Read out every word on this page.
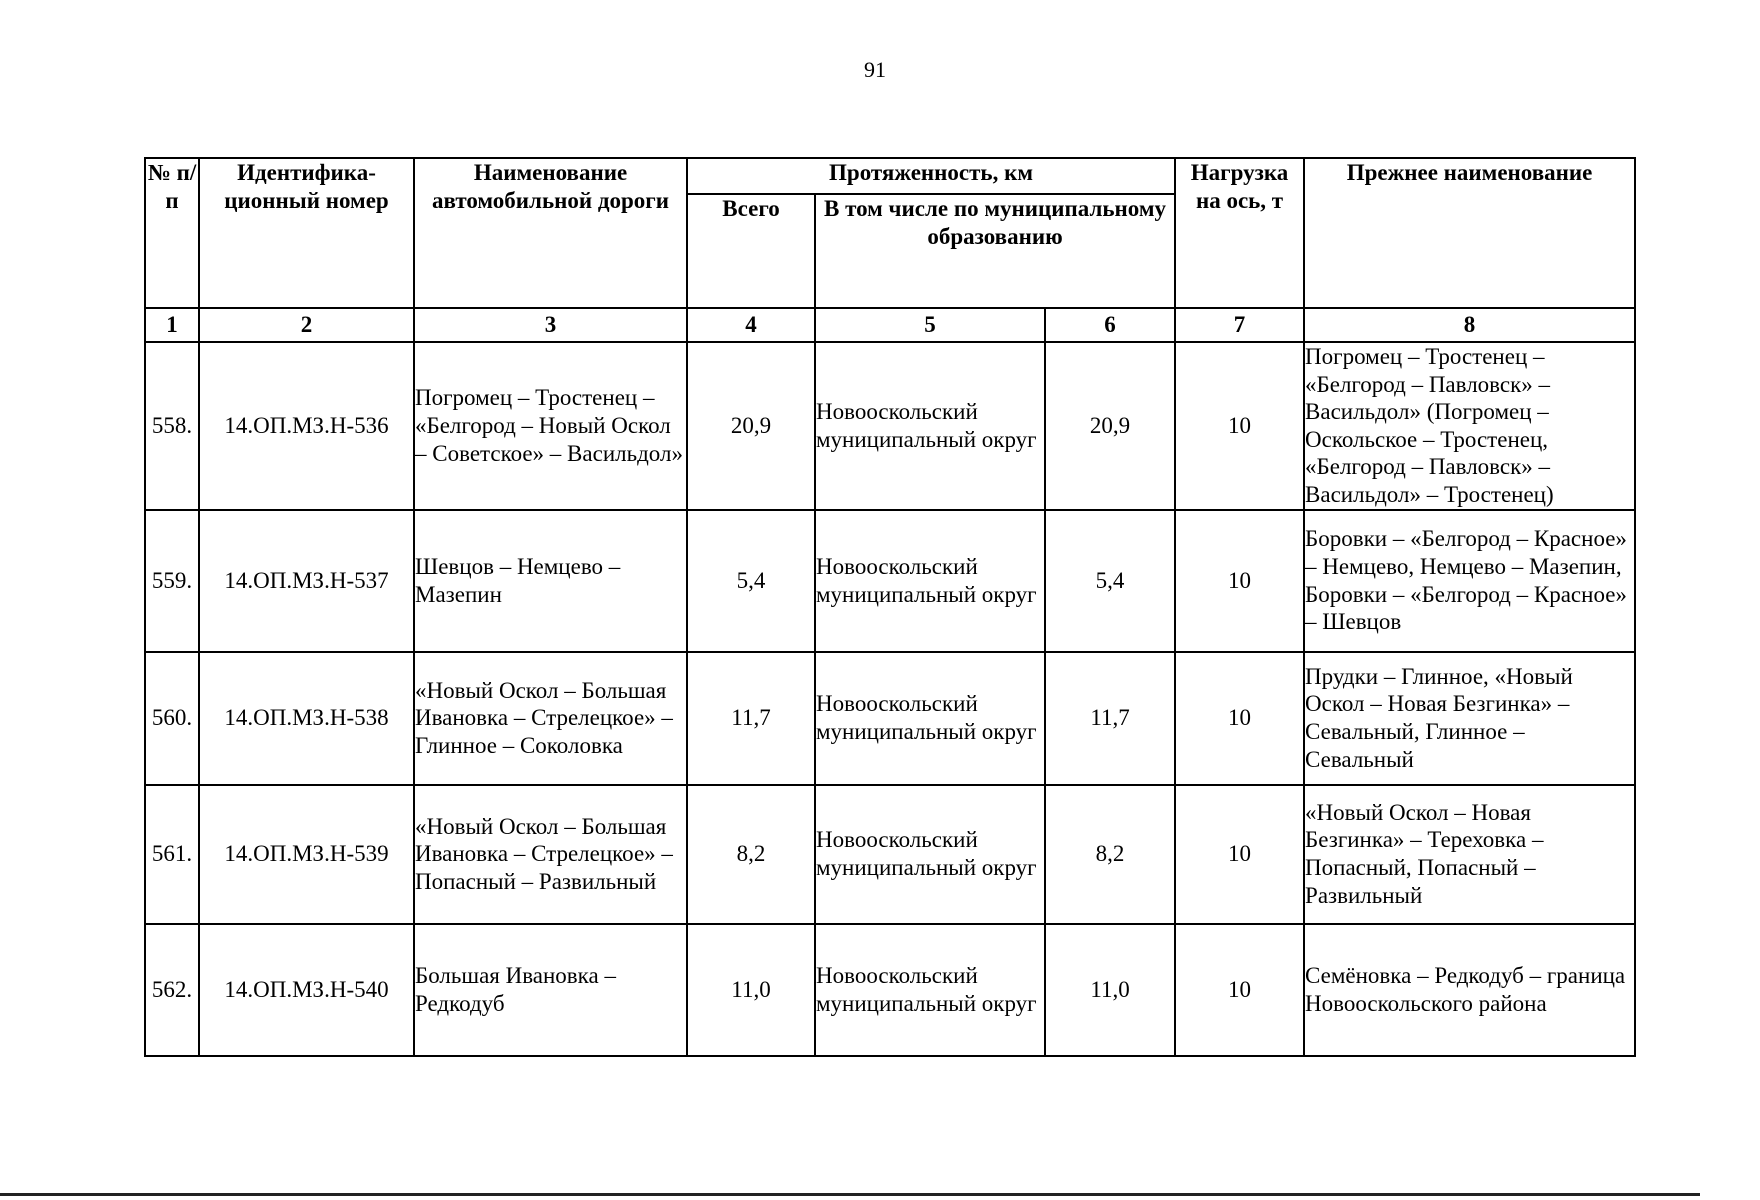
91
№ п/п	Идентифика-ционный номер	Наименование автомобильной дороги	Протяженность, км			Нагрузка на ось, т	Прежнее наименование
			Всего	В том числе по муниципальному образованию			
1	2	3	4	5	6	7	8
558.	14.ОП.МЗ.Н-536	Погромец – Тростенец – «Белгород – Новый Оскол – Советское» – Васильдол»	20,9	Новооскольский муниципальный округ	20,9	10	Погромец – Тростенец – «Белгород – Павловск» – Васильдол» (Погромец – Оскольское – Тростенец, «Белгород – Павловск» – Васильдол» – Тростенец)
559.	14.ОП.МЗ.Н-537	Шевцов – Немцево – Мазепин	5,4	Новооскольский муниципальный округ	5,4	10	Боровки – «Белгород – Красное» – Немцево, Немцево – Мазепин, Боровки – «Белгород – Красное» – Шевцов
560.	14.ОП.МЗ.Н-538	«Новый Оскол – Большая Ивановка – Стрелецкое» – Глинное – Соколовка	11,7	Новооскольский муниципальный округ	11,7	10	Прудки – Глинное, «Новый Оскол – Новая Безгинка» – Севальный, Глинное – Севальный
561.	14.ОП.МЗ.Н-539	«Новый Оскол – Большая Ивановка – Стрелецкое» – Попасный – Развильный	8,2	Новооскольский муниципальный округ	8,2	10	«Новый Оскол – Новая Безгинка» – Тереховка – Попасный, Попасный – Развильный
562.	14.ОП.МЗ.Н-540	Большая Ивановка – Редкодуб	11,0	Новооскольский муниципальный округ	11,0	10	Семёновка – Редкодуб – граница Новооскольского района
